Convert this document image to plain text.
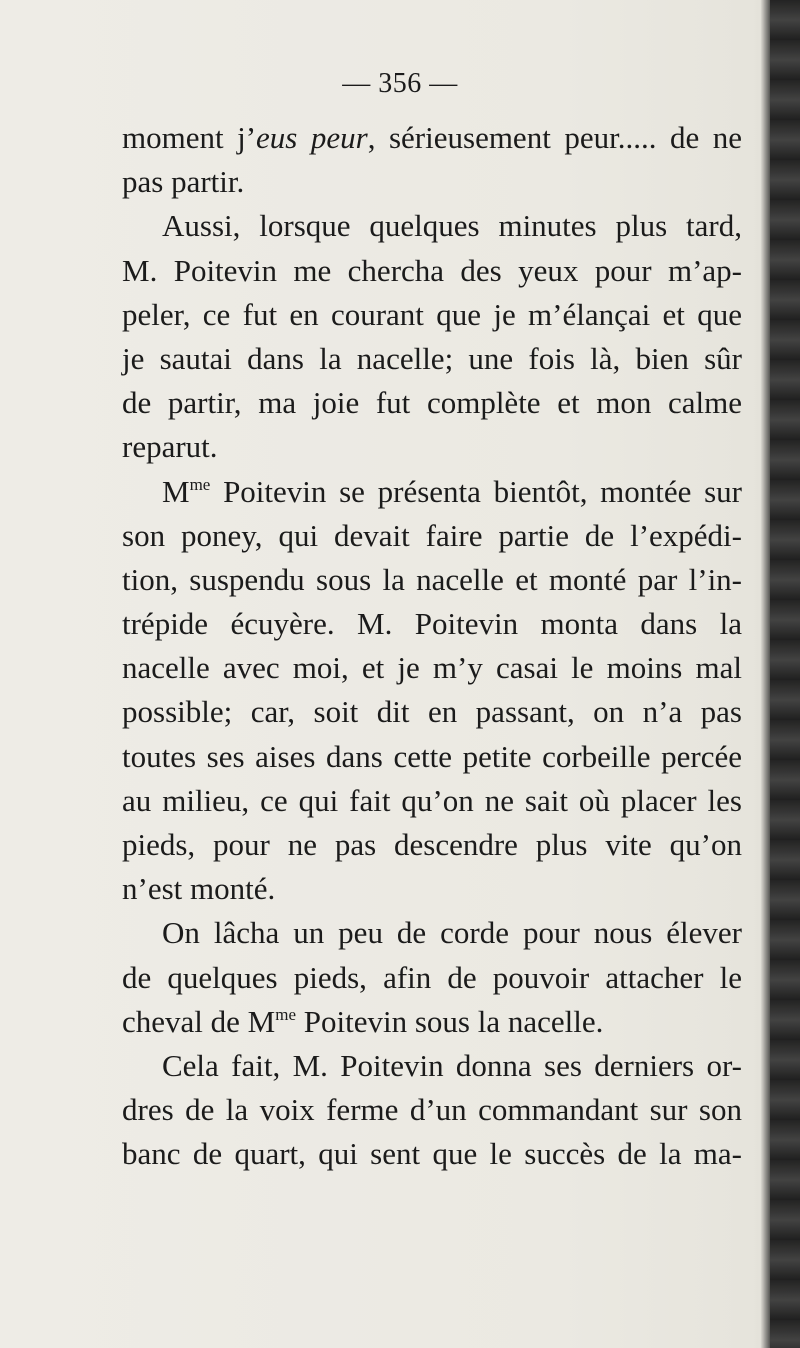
— 356 —
moment j’eus peur, sérieusement peur..... de ne
pas partir.
Aussi, lorsque quelques minutes plus tard,
M. Poitevin me chercha des yeux pour m’ap-
peler, ce fut en courant que je m’élançai et que
je sautai dans la nacelle; une fois là, bien sûr
de partir, ma joie fut complète et mon calme
reparut.
$M^{me}$ Poitevin se présenta bientôt, montée sur
son poney, qui devait faire partie de l’expédi-
tion, suspendu sous la nacelle et monté par l’in-
trépide écuyère. M. Poitevin monta dans la
nacelle avec moi, et je m’y casai le moins mal
possible; car, soit dit en passant, on n’a pas
toutes ses aises dans cette petite corbeille percée
au milieu, ce qui fait qu’on ne sait où placer les
pieds, pour ne pas descendre plus vite qu’on
n’est monté.
On lâcha un peu de corde pour nous élever
de quelques pieds, afin de pouvoir attacher le
cheval de $M^{me}$ Poitevin sous la nacelle.
Cela fait, M. Poitevin donna ses derniers or-
dres de la voix ferme d’un commandant sur son
banc de quart, qui sent que le succès de la ma-
